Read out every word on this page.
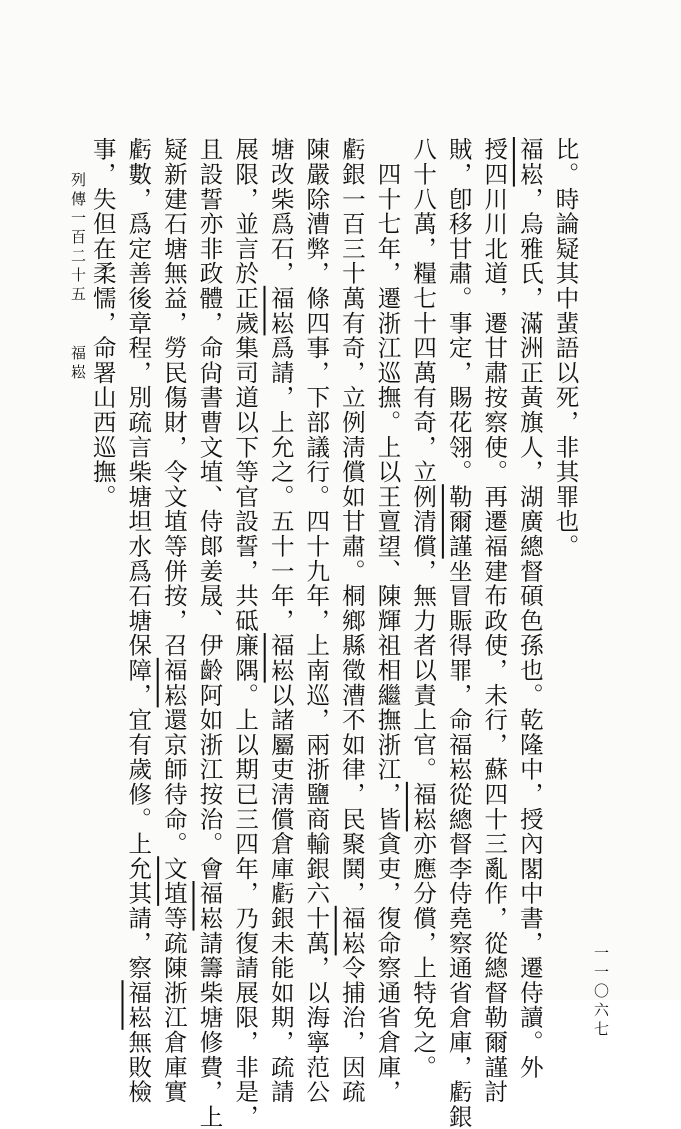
一一〇六七
比。時論疑其中蜚語以死，非其罪也。
福崧，烏雅氏，滿洲正黃旗人，湖廣總督碩色孫也。乾隆中，授內閣中書，遷侍讀。外
授四川川北道，遷甘肅按察使。再遷福建布政使，未行，蘇四十三亂作，從總督勒爾謹討
賊，卽移甘肅。事定，賜花翎。勒爾謹坐冒賑得罪，命福崧從總督李侍堯察通省倉庫，虧銀
八十八萬，糧七十四萬有奇，立例清償，無力者以責上官。福崧亦應分償，上特免之。
　四十七年，遷浙江巡撫。上以王亶望、陳輝祖相繼撫浙江，皆貪吏，復命察通省倉庫，
虧銀一百三十萬有奇，立例淸償如甘肅。桐鄉縣徵漕不如律，民聚鬨，福崧令捕治，因疏
陳嚴除漕弊，條四事，下部議行。四十九年，上南巡，兩浙鹽商輸銀六十萬，以海寧范公
塘改柴爲石，福崧爲請，上允之。五十一年，福崧以諸屬吏淸償倉庫虧銀未能如期，疏請
展限，並言於正歲集司道以下等官設誓，共砥廉隅。上以期已三四年，乃復請展限，非是，
且設誓亦非政體，命尙書曹文埴、侍郞姜晟、伊齡阿如浙江按治。會福崧請籌柴塘修費，上
疑新建石塘無益，勞民傷財，令文埴等併按，召福崧還京師待命。文埴等疏陳浙江倉庫實
虧數，爲定善後章程，別疏言柴塘坦水爲石塘保障，宜有歲修。上允其請，察福崧無敗檢
事，失但在柔懦，命署山西巡撫。
列傳一百二十五
福崧
